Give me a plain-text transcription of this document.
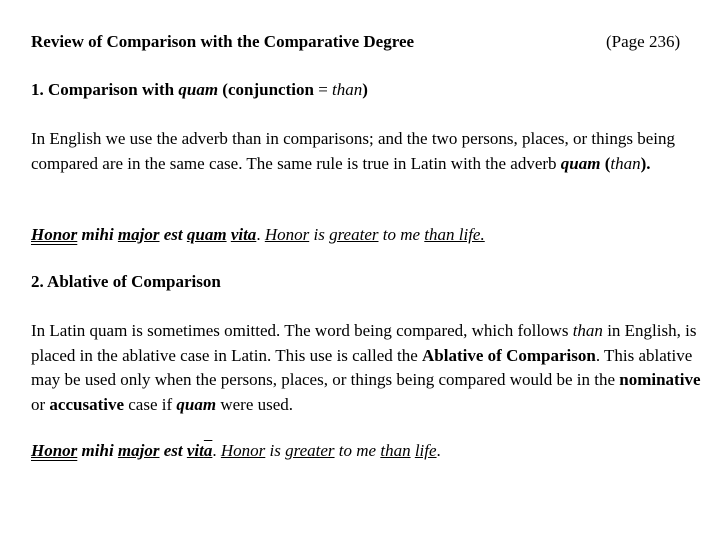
Review of Comparison with the Comparative Degree	(Page 236)
1. Comparison with quam (conjunction = than)
In English we use the adverb than in comparisons; and the two persons, places, or things being compared are in the same case. The same rule is true in Latin with the adverb quam (than).
Honor mihi major est quam vita. Honor is greater to me than life.
2. Ablative of Comparison
In Latin quam is sometimes omitted. The word being compared, which follows than in English, is placed in the ablative case in Latin. This use is called the Ablative of Comparison. This ablative may be used only when the persons, places, or things being compared would be in the nominative or accusative case if quam were used.
Honor mihi major est vita. Honor is greater to me than life.
